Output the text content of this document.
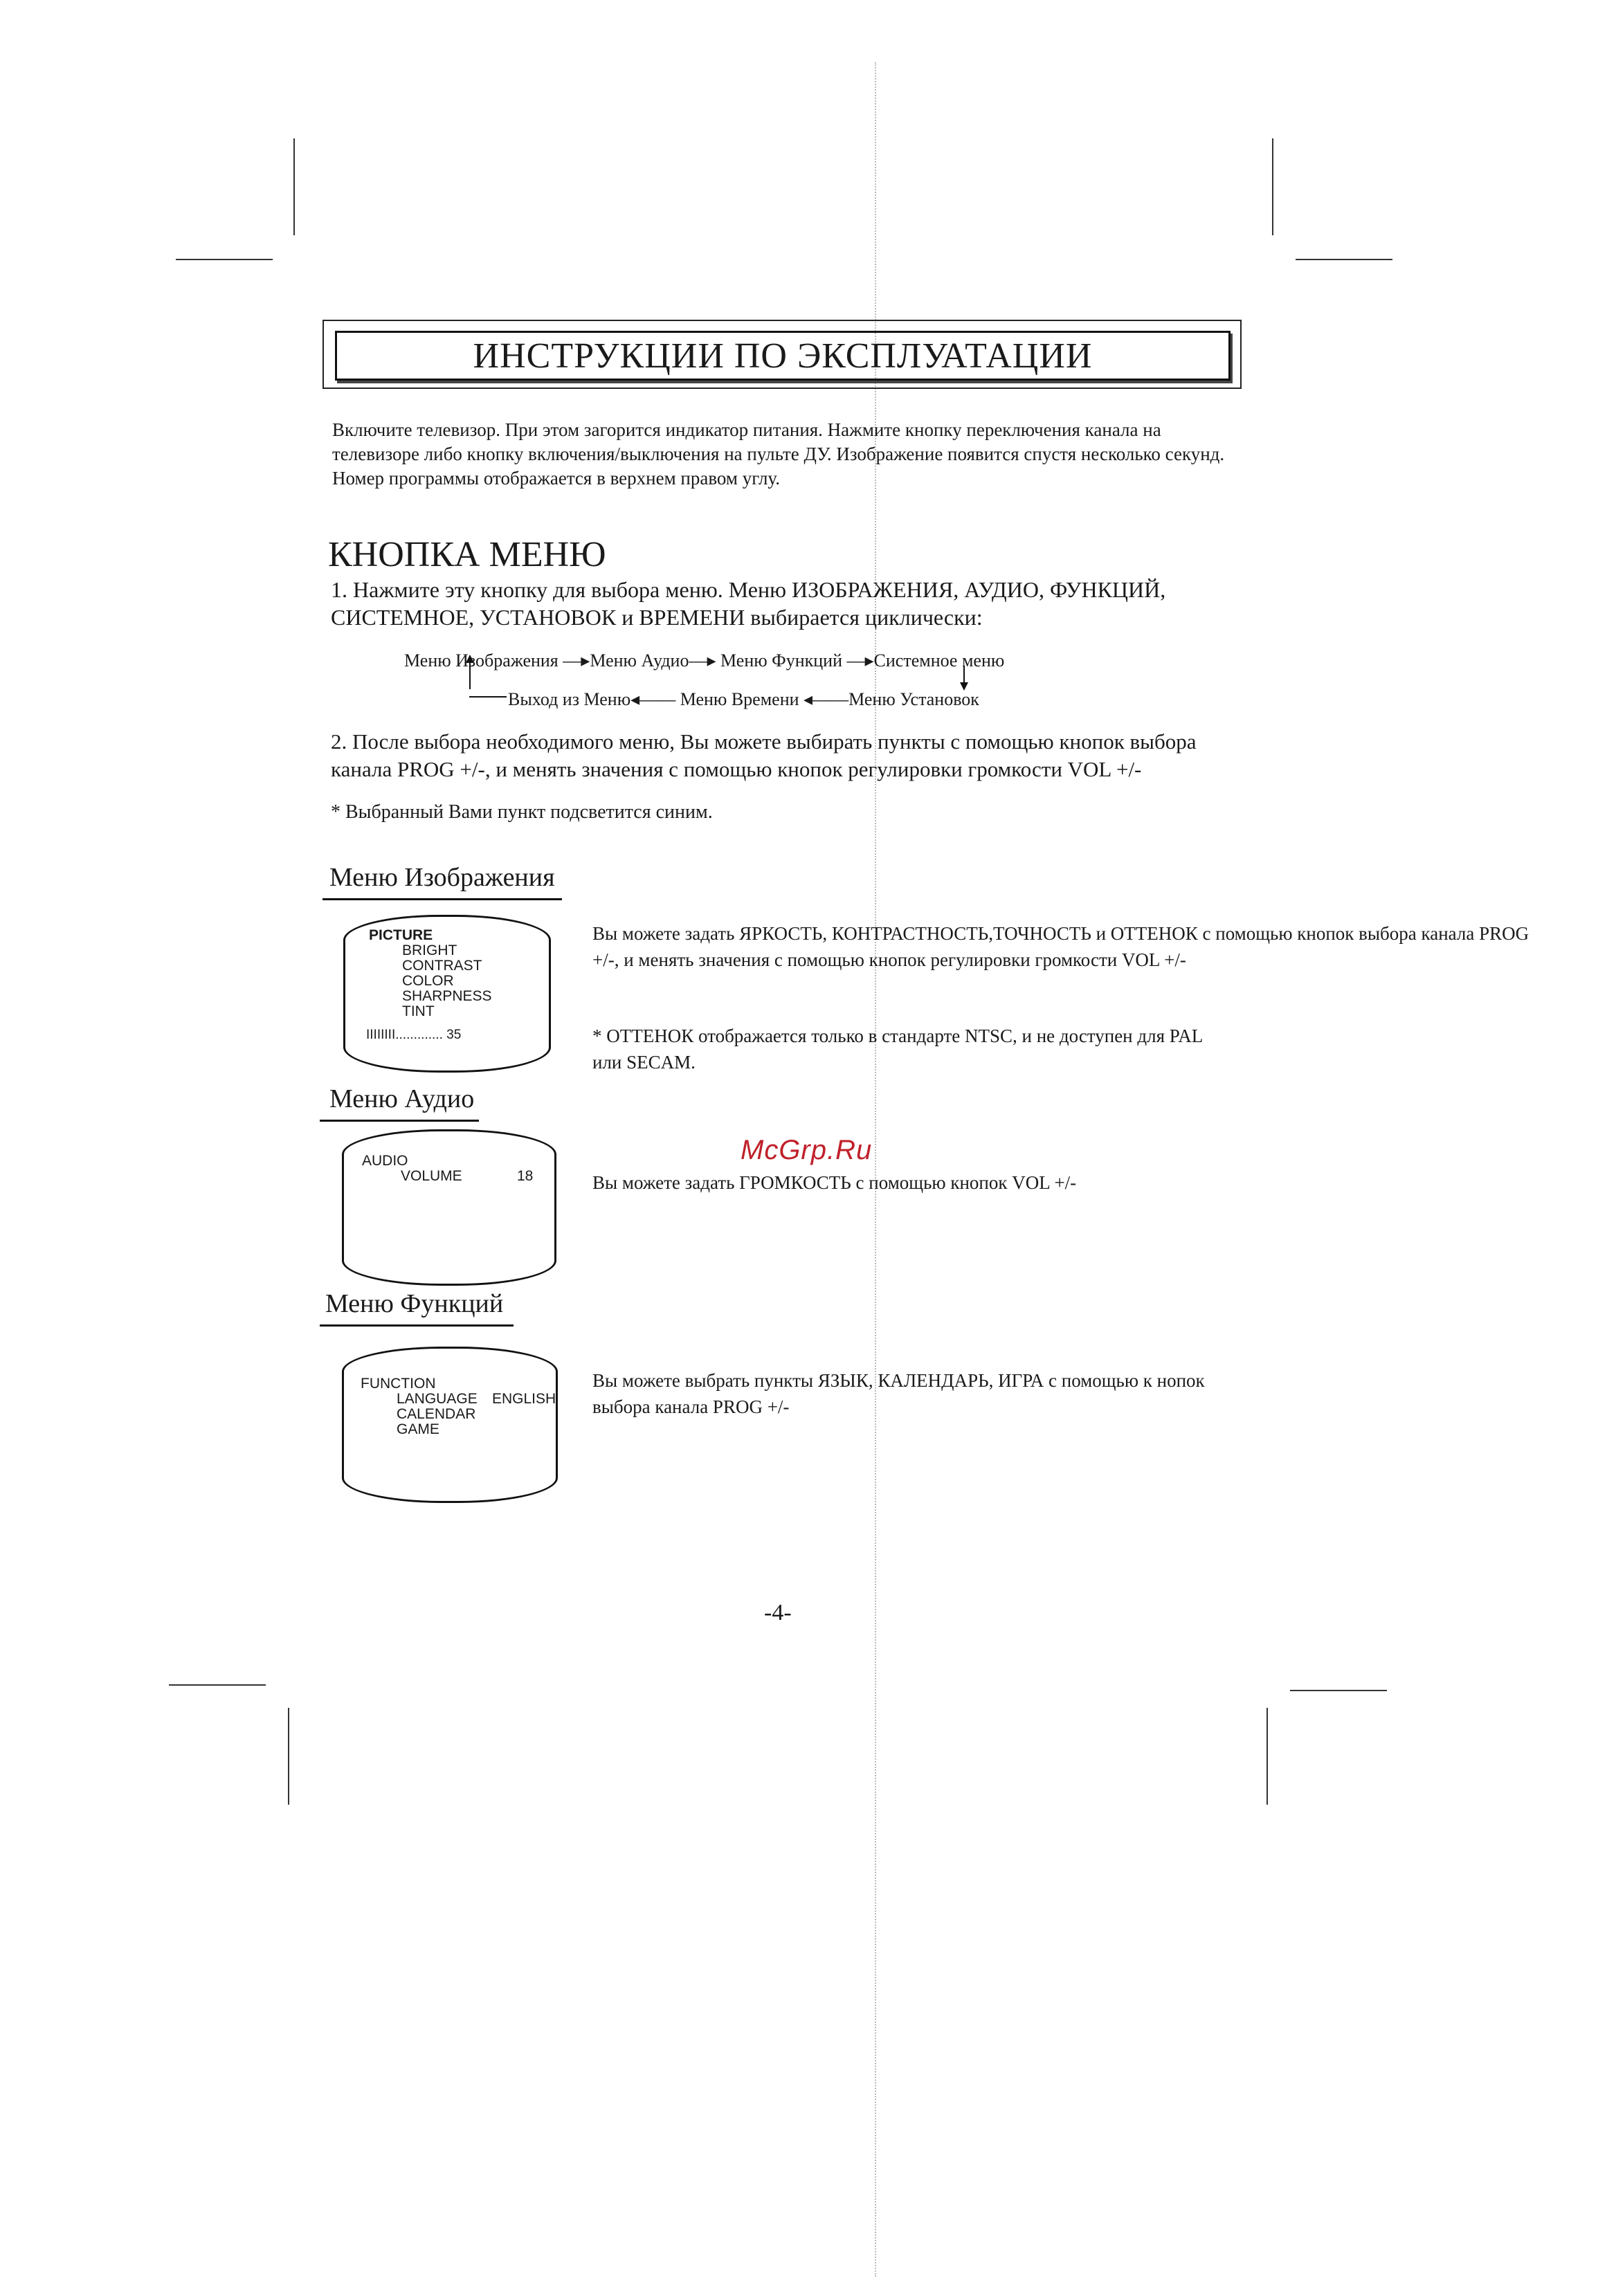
ИНСТРУКЦИИ ПО ЭКСПЛУАТАЦИИ
Включите телевизор. При этом загорится индикатор питания. Нажмите кнопку переключения канала на телевизоре либо кнопку включения/выключения на пульте ДУ. Изображение появится спустя несколько секунд. Номер программы отображается в верхнем правом углу.
КНОПКА МЕНЮ
1. Нажмите эту кнопку для выбора меню. Меню ИЗОБРАЖЕНИЯ, АУДИО, ФУНКЦИЙ, СИСТЕМНОЕ, УСТАНОВОК и ВРЕМЕНИ выбирается циклически:
Меню Изображения —▸Меню Аудио—▸ Меню Функций —▸Системное меню
Выход из Меню◂—— Меню Времени ◂——Меню Установок
2. После выбора необходимого меню, Вы можете выбирать пункты с помощью кнопок выбора канала PROG +/-, и менять значения с помощью кнопок регулировки громкости VOL +/-
* Выбранный Вами пункт подсветится синим.
Меню Изображения
PICTURE
BRIGHT
CONTRAST
COLOR
SHARPNESS
TINT
IIIIIIII............. 35
Вы можете задать ЯРКОСТЬ, КОНТРАСТНОСТЬ,ТОЧНОСТЬ и ОТТЕНОК с помощью кнопок выбора канала PROG +/-, и менять значения с помощью кнопок регулировки громкости VOL +/-
* ОТТЕНОК отображается только в стандарте NTSC, и не доступен для PAL или SECAM.
Меню Аудио
AUDIO
VOLUME	18
McGrp.Ru
Вы можете задать ГРОМКОСТЬ с помощью кнопок VOL +/-
Меню Функций
FUNCTION
LANGUAGE ENGLISH
CALENDAR
GAME
Вы можете выбрать пункты ЯЗЫК, КАЛЕНДАРЬ, ИГРА с помощью к нопок выбора канала PROG +/-
-4-
